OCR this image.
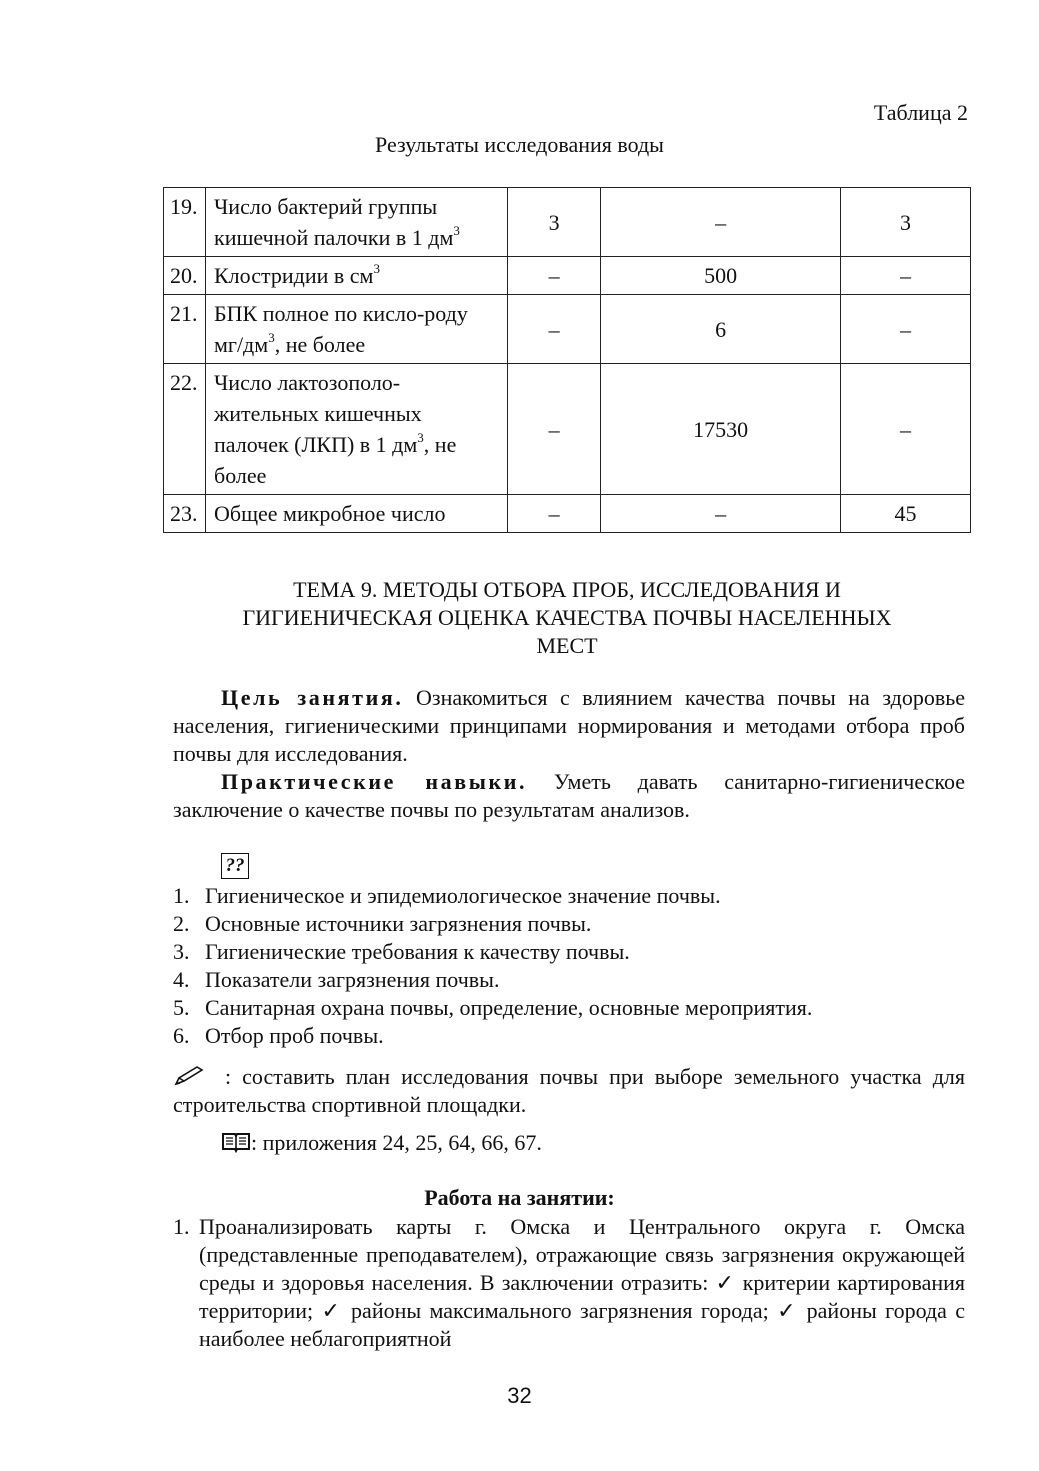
Таблица 2
Результаты исследования воды
19.	Число бактерий группы кишечной палочки в 1 $дм^3$	3	–	3
20.	Клостридии в $см^3$	–	500	–
21.	БПК полное по кисло-роду $мг/дм^3$, не более	–	6	–
22.	Число лактозополо-жительных кишечных палочек (ЛКП) в 1 $дм^3$, не более	–	17530	–
23.	Общее микробное число	–	–	45
ТЕМА 9. МЕТОДЫ ОТБОРА ПРОБ, ИССЛЕДОВАНИЯ И
ГИГИЕНИЧЕСКАЯ ОЦЕНКА КАЧЕСТВА ПОЧВЫ НАСЕЛЕННЫХ
МЕСТ
Цель занятия. Ознакомиться с влиянием качества почвы на здоровье населения, гигиеническими принципами нормирования и методами отбора проб почвы для исследования.
Практические навыки. Уметь давать санитарно-гигиеническое заключение о качестве почвы по результатам анализов.
??
1. Гигиеническое и эпидемиологическое значение почвы.
2. Основные источники загрязнения почвы.
3. Гигиенические требования к качеству почвы.
4. Показатели загрязнения почвы.
5. Санитарная охрана почвы, определение, основные мероприятия.
6. Отбор проб почвы.
: составить план исследования почвы при выборе земельного участка для строительства спортивной площадки.
: приложения 24, 25, 64, 66, 67.
Работа на занятии:
1. Проанализировать карты г. Омска и Центрального округа г. Омска (представленные преподавателем), отражающие связь загрязнения окружающей среды и здоровья населения. В заключении отразить: ✓ критерии картирования территории; ✓ районы максимального загрязнения города; ✓ районы города с наиболее неблагоприятной
32
